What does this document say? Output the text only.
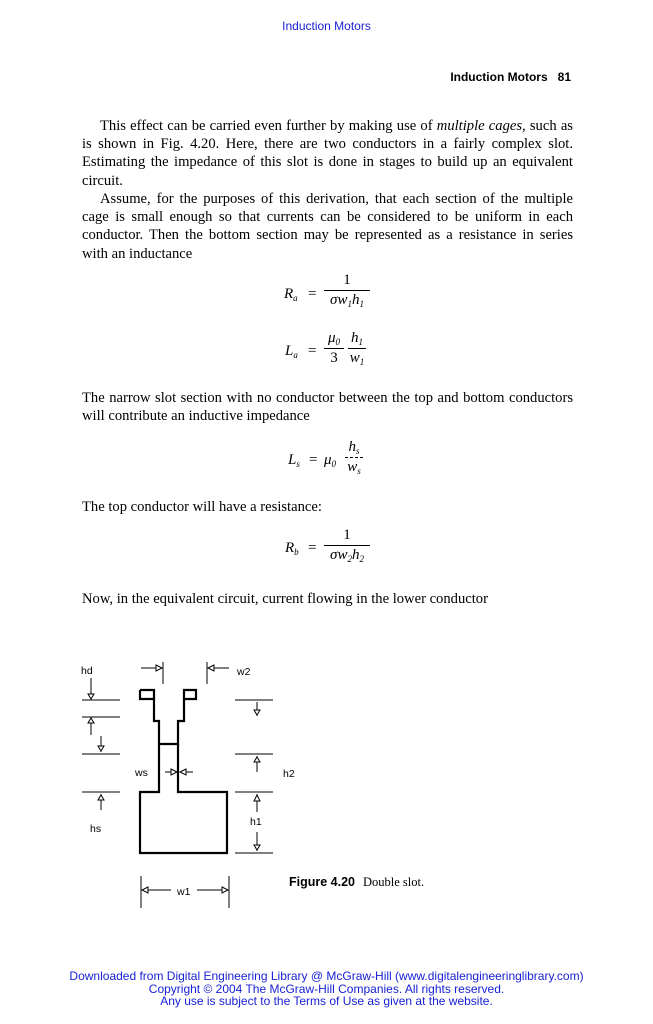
Induction Motors
Induction Motors 81

This effect can be carried even further by making use of multiple cages, such as is shown in Fig. 4.20. Here, there are two conductors in a fairly complex slot. Estimating the impedance of this slot is done in stages to build up an equivalent circuit.

Assume, for the purposes of this derivation, that each section of the multiple cage is small enough so that currents can be considered to be uniform in each conductor. Then the bottom section may be represented as a resistance in series with an inductance

$R_a$ =
1
$\sigma w_1h_1$
$L_a$ =
$\mu_0$
3
$h_1$
$w_1$

The narrow slot section with no conductor between the top and bottom conductors will contribute an inductive impedance

$L_s = \mu_0$
$h_s$
$w_s$

The top conductor will have a resistance:

$R_b$ =
1
$\sigma w_2h_2$

Now, in the equivalent circuit, current flowing in the lower conductor

hd	w2
ws	h2
hs
h1
w1
Figure 4.20 Double slot.
Downloaded from Digital Engineering Library @ McGraw-Hill (www.digitalengineeringlibrary.com)
Copyright © 2004 The McGraw-Hill Companies. All rights reserved.
Any use is subject to the Terms of Use as given at the website.
